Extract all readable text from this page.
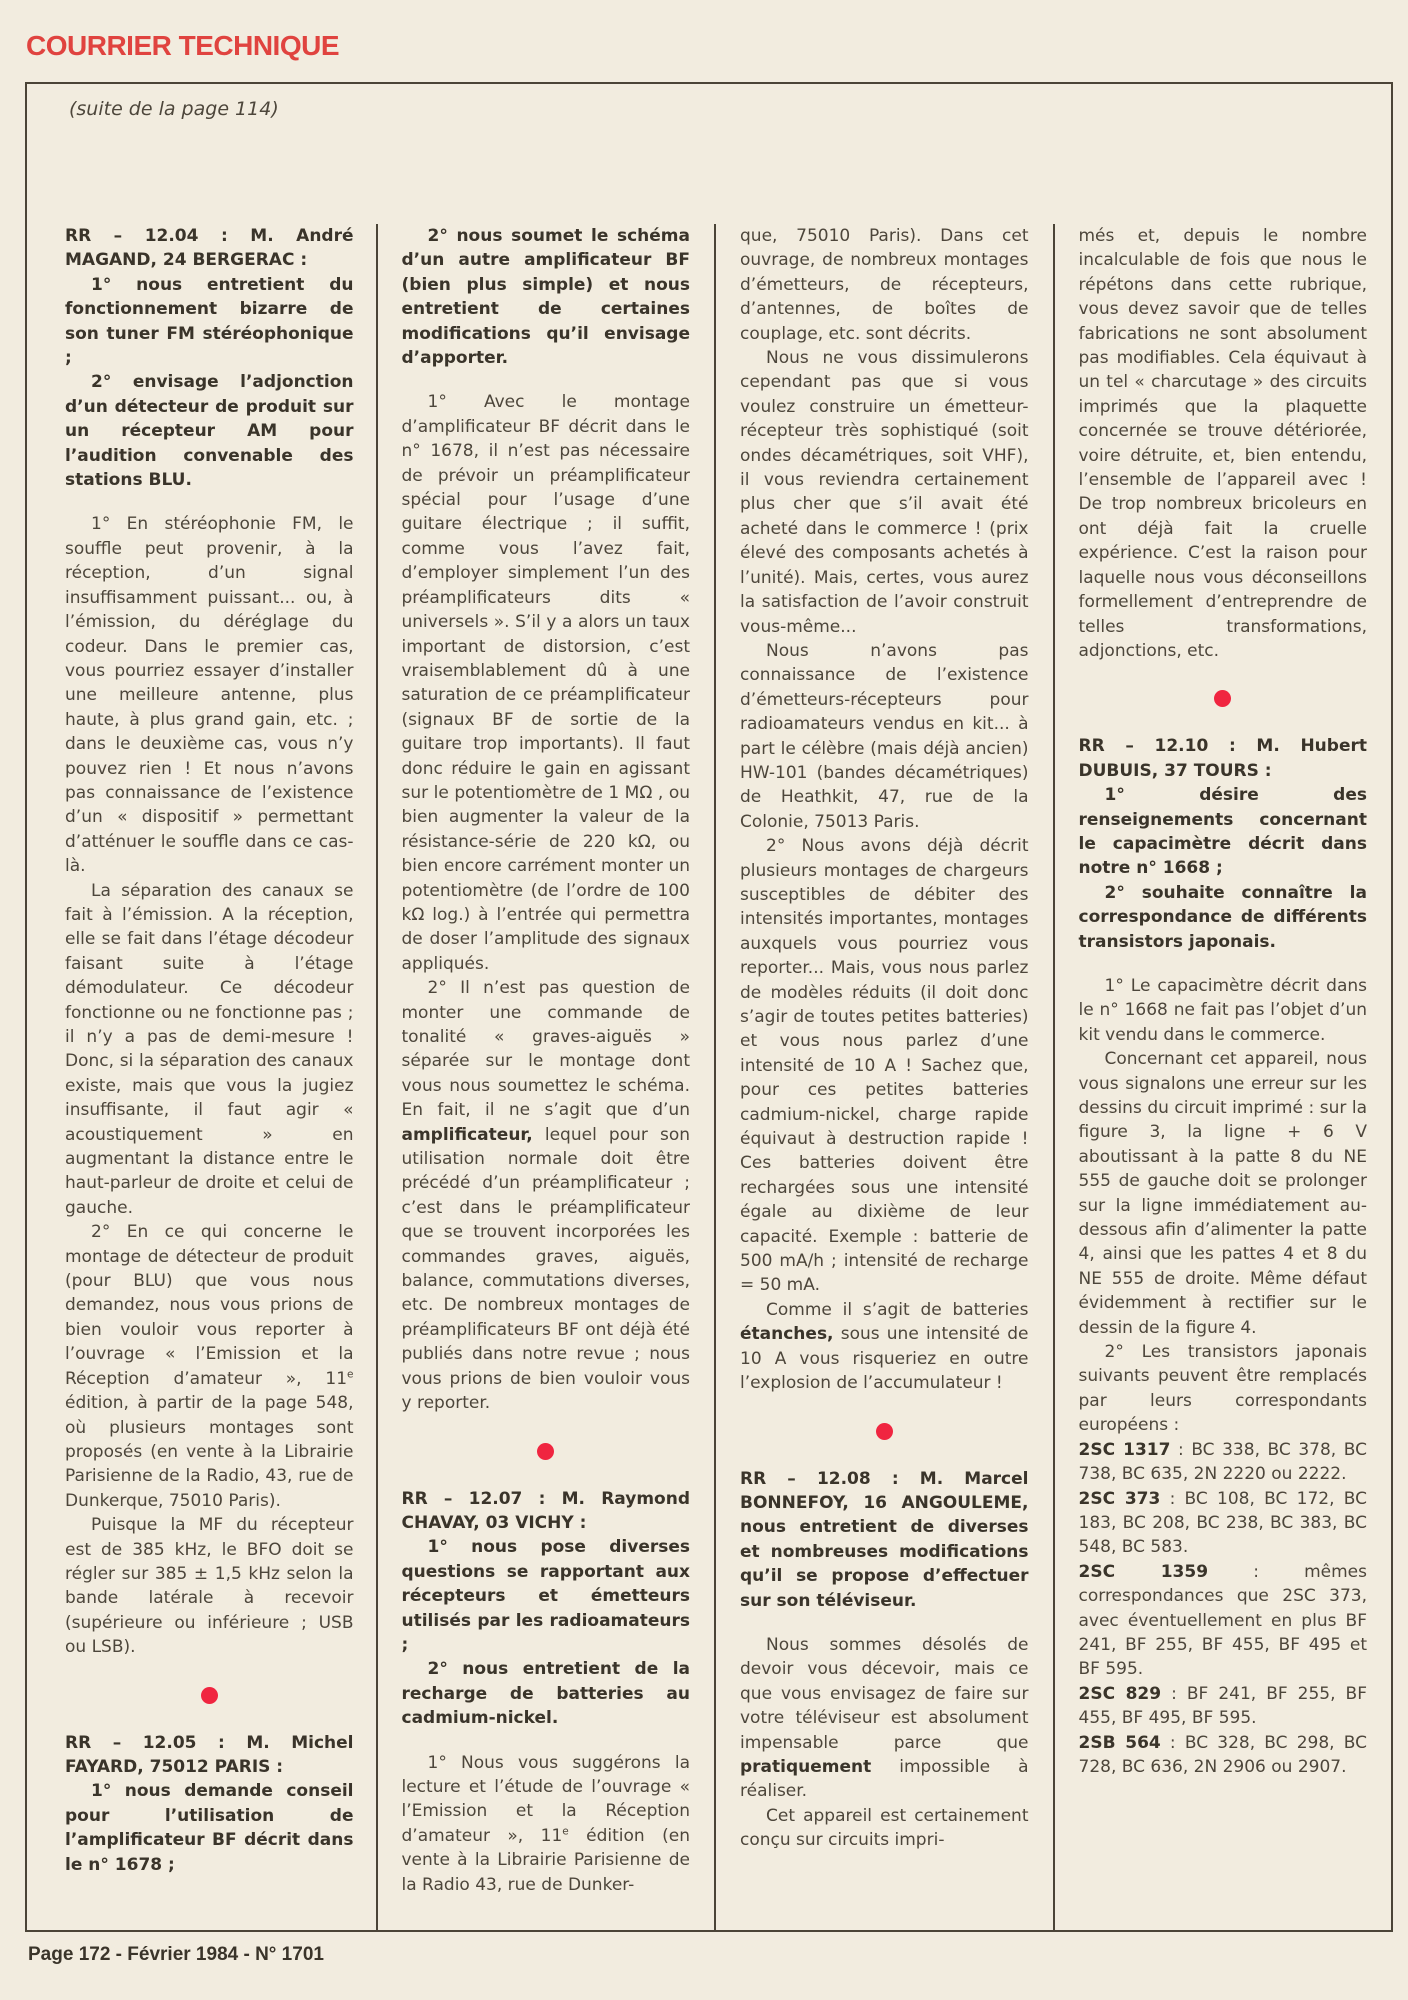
COURRIER TECHNIQUE

(suite de la page 114)

RR – 12.04 : M. André MAGAND, 24 BERGERAC :

1° nous entretient du fonctionnement bizarre de son tuner FM stéréophonique ;

2° envisage l’adjonction d’un détecteur de produit sur un récepteur AM pour l’audition convenable des stations BLU.

1° En stéréophonie FM, le souffle peut provenir, à la réception, d’un signal insuffisamment puissant... ou, à l’émission, du déréglage du codeur. Dans le premier cas, vous pourriez essayer d’installer une meilleure antenne, plus haute, à plus grand gain, etc. ; dans le deuxième cas, vous n’y pouvez rien ! Et nous n’avons pas connaissance de l’existence d’un « dispositif » permettant d’atténuer le souffle dans ce cas-là.

La séparation des canaux se fait à l’émission. A la réception, elle se fait dans l’étage décodeur faisant suite à l’étage démodulateur. Ce décodeur fonctionne ou ne fonctionne pas ; il n’y a pas de demi-mesure ! Donc, si la séparation des canaux existe, mais que vous la jugiez insuffisante, il faut agir « acoustiquement » en augmentant la distance entre le haut-parleur de droite et celui de gauche.

2° En ce qui concerne le montage de détecteur de produit (pour BLU) que vous nous demandez, nous vous prions de bien vouloir vous reporter à l’ouvrage « l’Emission et la Réception d’amateur », 11e édition, à partir de la page 548, où plusieurs montages sont proposés (en vente à la Librairie Parisienne de la Radio, 43, rue de Dunkerque, 75010 Paris).

Puisque la MF du récepteur est de 385 kHz, le BFO doit se régler sur 385 ± 1,5 kHz selon la bande latérale à recevoir (supérieure ou inférieure ; USB ou LSB).

RR – 12.05 : M. Michel FAYARD, 75012 PARIS :

1° nous demande conseil pour l’utilisation de l’amplificateur BF décrit dans le n° 1678 ;

2° nous soumet le schéma d’un autre amplificateur BF (bien plus simple) et nous entretient de certaines modifications qu’il envisage d’apporter.

1° Avec le montage d’amplificateur BF décrit dans le n° 1678, il n’est pas nécessaire de prévoir un préamplificateur spécial pour l’usage d’une guitare électrique ; il suffit, comme vous l’avez fait, d’employer simplement l’un des préamplificateurs dits « universels ». S’il y a alors un taux important de distorsion, c’est vraisemblablement dû à une saturation de ce préamplificateur (signaux BF de sortie de la guitare trop importants). Il faut donc réduire le gain en agissant sur le potentiomètre de 1 MΩ , ou bien augmenter la valeur de la résistance-série de 220 kΩ, ou bien encore carrément monter un potentiomètre (de l’ordre de 100 kΩ log.) à l’entrée qui permettra de doser l’amplitude des signaux appliqués.

2° Il n’est pas question de monter une commande de tonalité « graves-aiguës » séparée sur le montage dont vous nous soumettez le schéma. En fait, il ne s’agit que d’un amplificateur, lequel pour son utilisation normale doit être précédé d’un préamplificateur ; c’est dans le préamplificateur que se trouvent incorporées les commandes graves, aiguës, balance, commutations diverses, etc. De nombreux montages de préamplificateurs BF ont déjà été publiés dans notre revue ; nous vous prions de bien vouloir vous y reporter.

RR – 12.07 : M. Raymond CHAVAY, 03 VICHY :

1° nous pose diverses questions se rapportant aux récepteurs et émetteurs utilisés par les radioamateurs ;

2° nous entretient de la recharge de batteries au cadmium-nickel.

1° Nous vous suggérons la lecture et l’étude de l’ouvrage « l’Emission et la Réception d’amateur », 11e édition (en vente à la Librairie Parisienne de la Radio 43, rue de Dunker-

que, 75010 Paris). Dans cet ouvrage, de nombreux montages d’émetteurs, de récepteurs, d’antennes, de boîtes de couplage, etc. sont décrits.

Nous ne vous dissimulerons cependant pas que si vous voulez construire un émetteur-récepteur très sophistiqué (soit ondes décamétriques, soit VHF), il vous reviendra certainement plus cher que s’il avait été acheté dans le commerce ! (prix élevé des composants achetés à l’unité). Mais, certes, vous aurez la satisfaction de l’avoir construit vous-même...

Nous n’avons pas connaissance de l’existence d’émetteurs-récepteurs pour radioamateurs vendus en kit... à part le célèbre (mais déjà ancien) HW-101 (bandes décamétriques) de Heathkit, 47, rue de la Colonie, 75013 Paris.

2° Nous avons déjà décrit plusieurs montages de chargeurs susceptibles de débiter des intensités importantes, montages auxquels vous pourriez vous reporter... Mais, vous nous parlez de modèles réduits (il doit donc s’agir de toutes petites batteries) et vous nous parlez d’une intensité de 10 A ! Sachez que, pour ces petites batteries cadmium-nickel, charge rapide équivaut à destruction rapide ! Ces batteries doivent être rechargées sous une intensité égale au dixième de leur capacité. Exemple : batterie de 500 mA/h ; intensité de recharge = 50 mA.

Comme il s’agit de batteries étanches, sous une intensité de 10 A vous risqueriez en outre l’explosion de l’accumulateur !

RR – 12.08 : M. Marcel BONNEFOY, 16 ANGOULEME, nous entretient de diverses et nombreuses modifications qu’il se propose d’effectuer sur son téléviseur.

Nous sommes désolés de devoir vous décevoir, mais ce que vous envisagez de faire sur votre téléviseur est absolument impensable parce que pratiquement impossible à réaliser.

Cet appareil est certainement conçu sur circuits impri-

més et, depuis le nombre incalculable de fois que nous le répétons dans cette rubrique, vous devez savoir que de telles fabrications ne sont absolument pas modifiables. Cela équivaut à un tel « charcutage » des circuits imprimés que la plaquette concernée se trouve détériorée, voire détruite, et, bien entendu, l’ensemble de l’appareil avec ! De trop nombreux bricoleurs en ont déjà fait la cruelle expérience. C’est la raison pour laquelle nous vous déconseillons formellement d’entreprendre de telles transformations, adjonctions, etc.

RR – 12.10 : M. Hubert DUBUIS, 37 TOURS :

1° désire des renseignements concernant le capacimètre décrit dans notre n° 1668 ;

2° souhaite connaître la correspondance de différents transistors japonais.

1° Le capacimètre décrit dans le n° 1668 ne fait pas l’objet d’un kit vendu dans le commerce.

Concernant cet appareil, nous vous signalons une erreur sur les dessins du circuit imprimé : sur la figure 3, la ligne + 6 V aboutissant à la patte 8 du NE 555 de gauche doit se prolonger sur la ligne immédiatement au-dessous afin d’alimenter la patte 4, ainsi que les pattes 4 et 8 du NE 555 de droite. Même défaut évidemment à rectifier sur le dessin de la figure 4.

2° Les transistors japonais suivants peuvent être remplacés par leurs correspondants européens :

2SC 1317 : BC 338, BC 378, BC 738, BC 635, 2N 2220 ou 2222.

2SC 373 : BC 108, BC 172, BC 183, BC 208, BC 238, BC 383, BC 548, BC 583.

2SC 1359 : mêmes correspondances que 2SC 373, avec éventuellement en plus BF 241, BF 255, BF 455, BF 495 et BF 595.

2SC 829 : BF 241, BF 255, BF 455, BF 495, BF 595.

2SB 564 : BC 328, BC 298, BC 728, BC 636, 2N 2906 ou 2907.

Page 172 - Février 1984 - N° 1701
